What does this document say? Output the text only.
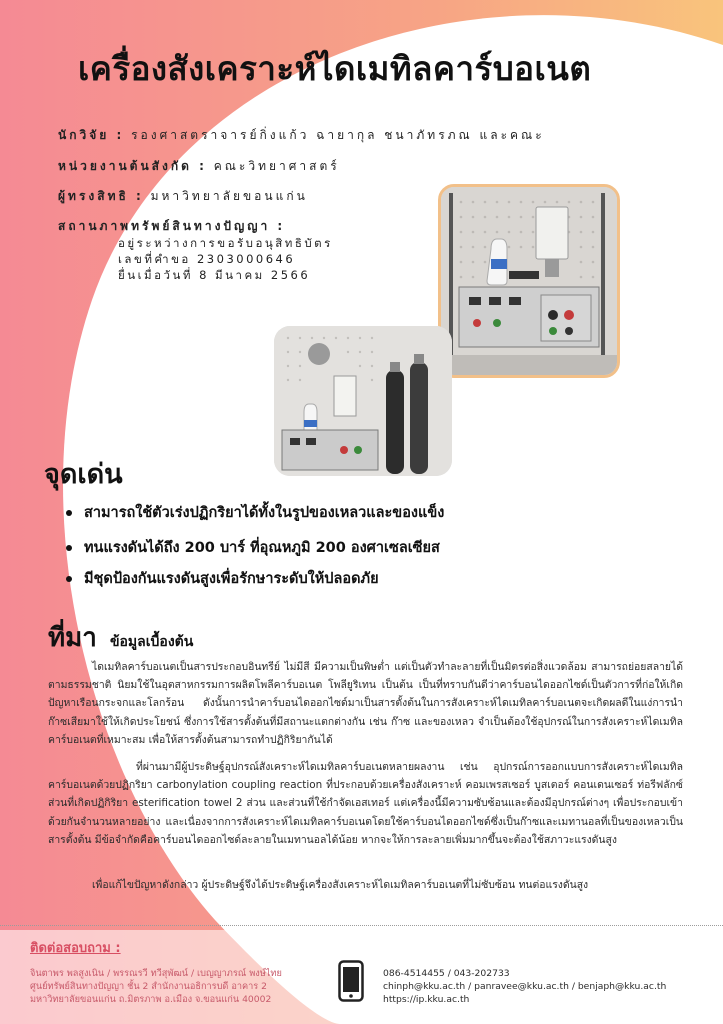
เครื่องสังเคราะห์ไดเมทิลคาร์บอเนต
นักวิจัย : รองศาสตราจารย์กิ่งแก้ว ฉายากุล ชนาภัทรภณ และคณะ
หน่วยงานต้นสังกัด : คณะวิทยาศาสตร์
ผู้ทรงสิทธิ : มหาวิทยาลัยขอนแก่น
สถานภาพทรัพย์สินทางปัญญา :
อยู่ระหว่างการขอรับอนุสิทธิบัตร
เลขที่คำขอ 2303000646
ยื่นเมื่อวันที่ 8 มีนาคม 2566
จุดเด่น
สามารถใช้ตัวเร่งปฏิกริยาได้ทั้งในรูปของเหลวและของแข็ง
ทนแรงดันได้ถึง 200 บาร์ ที่อุณหภูมิ 200 องศาเซลเซียส
มีชุดป้องกันแรงดันสูงเพื่อรักษาระดับให้ปลอดภัย
ที่มา ข้อมูลเบื้องต้น
ไดเมทิลคาร์บอเนตเป็นสารประกอบอินทรีย์ ไม่มีสี มีความเป็นพิษต่ำ แต่เป็นตัวทำละลายที่เป็นมิตรต่อสิ่งแวดล้อม สามารถย่อยสลายได้ตามธรรมชาติ นิยมใช้ในอุตสาหกรรมการผลิตโพลีคาร์บอเนต โพลียูริเทน เป็นต้น เป็นที่ทราบกันดีว่าคาร์บอนไดออกไซด์เป็นตัวการที่ก่อให้เกิดปัญหาเรือนกระจกและโลกร้อน ดังนั้นการนำคาร์บอนไดออกไซด์มาเป็นสารตั้งต้นในการสังเคราะห์ไดเมทิลคาร์บอเนตจะเกิดผลดีในแง่การนำก๊าซเสียมาใช้ให้เกิดประโยชน์ ซึ่งการใช้สารตั้งต้นที่มีสถานะแตกต่างกัน เช่น ก๊าซ และของเหลว จำเป็นต้องใช้อุปกรณ์ในการสังเคราะห์ไดเมทิลคาร์บอเนตที่เหมาะสม เพื่อให้สารตั้งต้นสามารถทำปฏิกิริยากันได้
ที่ผ่านมามีผู้ประดิษฐ์อุปกรณ์สังเคราะห์ไดเมทิลคาร์บอเนตหลายผลงาน เช่น อุปกรณ์การออกแบบการสังเคราะห์ไดเมทิลคาร์บอเนตด้วยปฏิกริยา carbonylation coupling reaction ที่ประกอบด้วยเครื่องสังเคราะห์ คอมเพรสเซอร์ บูสเตอร์ คอนเดนเซอร์ ท่อรีฟลักซ์ ส่วนที่เกิดปฏิกิริยา esterification towel 2 ส่วน และส่วนที่ใช้กำจัดเอสเทอร์ แต่เครื่องนี้มีความซับซ้อนและต้องมีอุปกรณ์ต่างๆ เพื่อประกอบเข้าด้วยกันจำนวนหลายอย่าง และเนื่องจากการสังเคราะห์ไดเมทิลคาร์บอเนตโดยใช้คาร์บอนไดออกไซด์ซึ่งเป็นก๊าซและเมทานอลที่เป็นของเหลวเป็นสารตั้งต้น มีข้อจำกัดคือคาร์บอนไดออกไซด์ละลายในเมทานอลได้น้อย หากจะให้การละลายเพิ่มมากขึ้นจะต้องใช้สภาวะแรงดันสูง
เพื่อแก้ไขปัญหาดังกล่าว ผู้ประดิษฐ์จึงได้ประดิษฐ์เครื่องสังเคราะห์ไดเมทิลคาร์บอเนตที่ไม่ซับซ้อน ทนต่อแรงดันสูง
ติดต่อสอบถาม :
จินตาพร พลสูงเนิน / พรรณรวี ทวีสุพัฒน์ / เบญญาภรณ์ พงษ์ไทย
ศูนย์ทรัพย์สินทางปัญญา ชั้น 2 สำนักงานอธิการบดี อาคาร 2
มหาวิทยาลัยขอนแก่น ถ.มิตรภาพ อ.เมือง จ.ขอนแก่น 40002
086-4514455 / 043-202733
chinph@kku.ac.th / panravee@kku.ac.th / benjaph@kku.ac.th
https://ip.kku.ac.th
